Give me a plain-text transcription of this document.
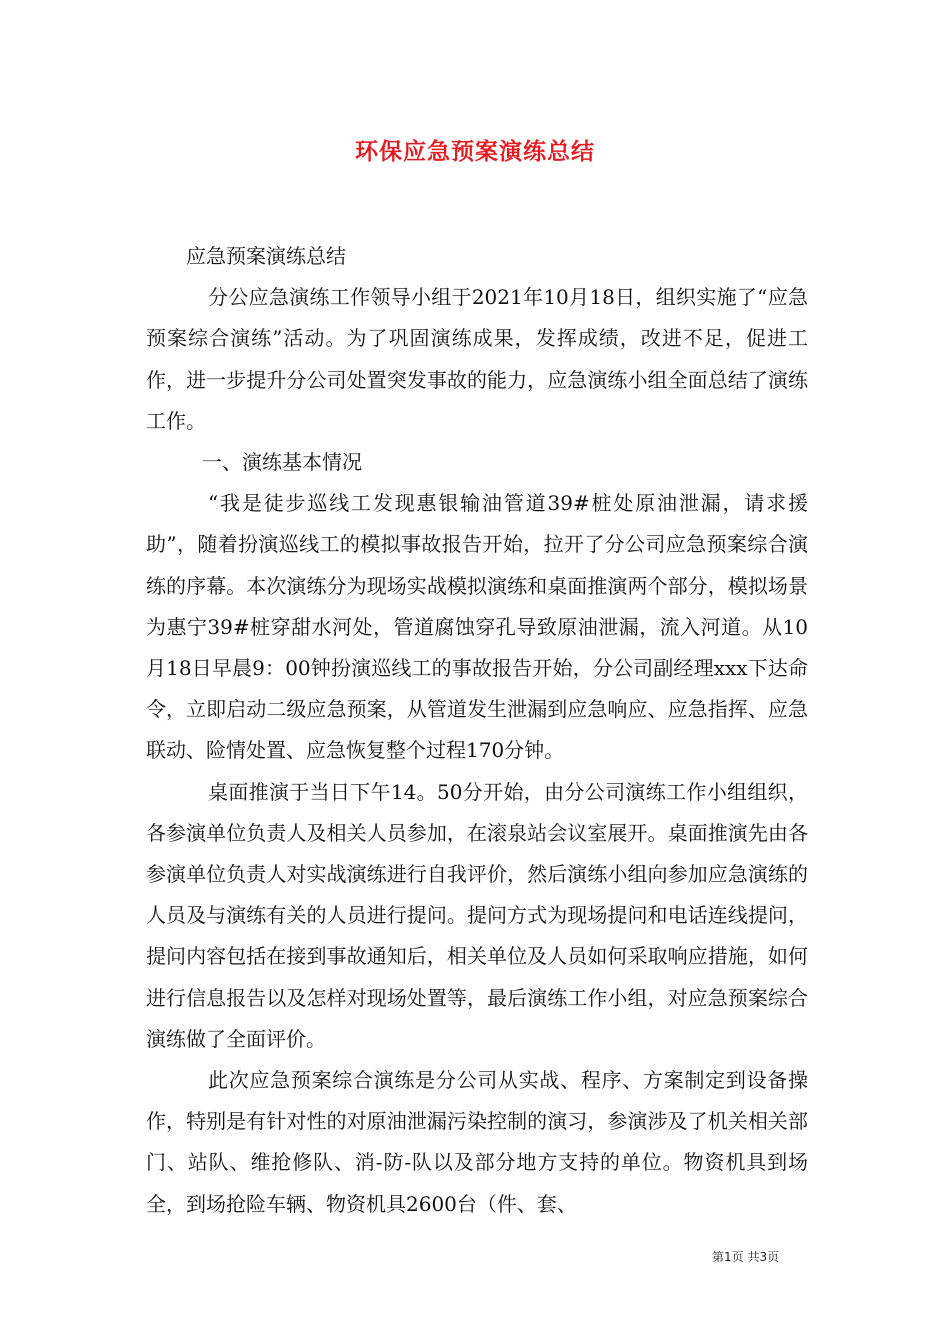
环保应急预案演练总结

应急预案演练总结

分公应急演练工作领导小组于2021年10月18日，组织实施了“应急预案综合演练”活动。为了巩固演练成果，发挥成绩，改进不足，促进工作，进一步提升分公司处置突发事故的能力，应急演练小组全面总结了演练工作。

一、演练基本情况

“我是徒步巡线工发现惠银输油管道39#桩处原油泄漏，请求援助”，随着扮演巡线工的模拟事故报告开始，拉开了分公司应急预案综合演练的序幕。本次演练分为现场实战模拟演练和桌面推演两个部分，模拟场景为惠宁39#桩穿甜水河处，管道腐蚀穿孔导致原油泄漏，流入河道。从10月18日早晨9：00钟扮演巡线工的事故报告开始，分公司副经理xxx下达命令，立即启动二级应急预案，从管道发生泄漏到应急响应、应急指挥、应急联动、险情处置、应急恢复整个过程170分钟。

桌面推演于当日下午14。50分开始，由分公司演练工作小组组织，各参演单位负责人及相关人员参加，在滚泉站会议室展开。桌面推演先由各参演单位负责人对实战演练进行自我评价，然后演练小组向参加应急演练的人员及与演练有关的人员进行提问。提问方式为现场提问和电话连线提问，提问内容包括在接到事故通知后，相关单位及人员如何采取响应措施，如何进行信息报告以及怎样对现场处置等，最后演练工作小组，对应急预案综合演练做了全面评价。

此次应急预案综合演练是分公司从实战、程序、方案制定到设备操作，特别是有针对性的对原油泄漏污染控制的演习，参演涉及了机关相关部门、站队、维抢修队、消-防-队以及部分地方支持的单位。物资机具到场全，到场抢险车辆、物资机具2600台（件、套、

第1页 共3页
